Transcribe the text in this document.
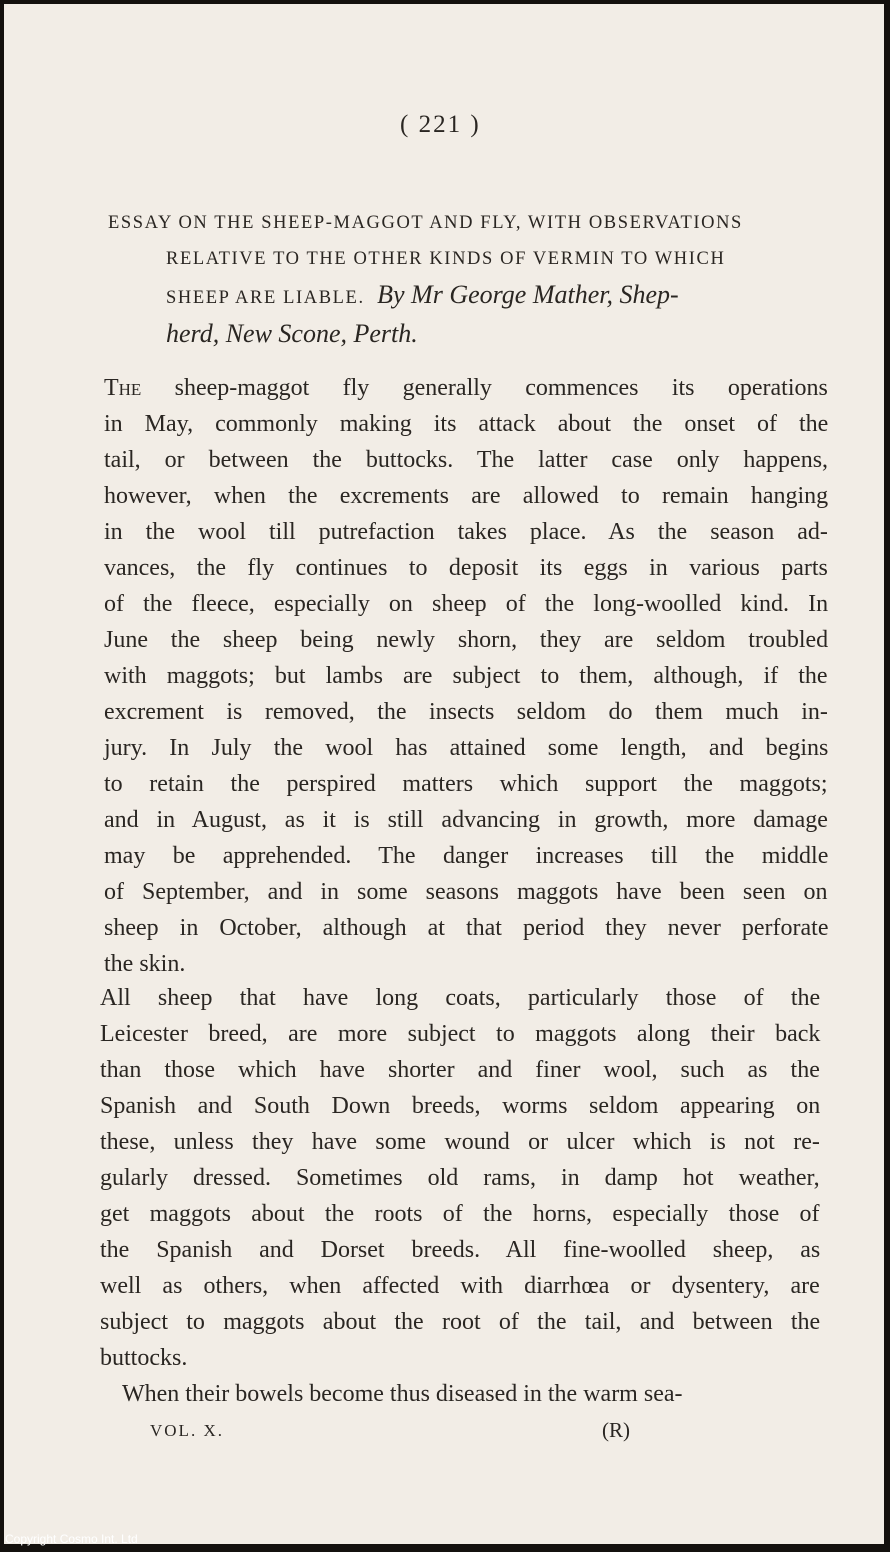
( 221 )
ESSAY ON THE SHEEP-MAGGOT AND FLY, WITH OBSERVATIONS
RELATIVE TO THE OTHER KINDS OF VERMIN TO WHICH
SHEEP ARE LIABLE. By Mr George Mather, Shep-
herd, New Scone, Perth.
The sheep-maggot fly generally commences its operations
in May, commonly making its attack about the onset of the
tail, or between the buttocks. The latter case only happens,
however, when the excrements are allowed to remain hanging
in the wool till putrefaction takes place. As the season ad-
vances, the fly continues to deposit its eggs in various parts
of the fleece, especially on sheep of the long-woolled kind. In
June the sheep being newly shorn, they are seldom troubled
with maggots; but lambs are subject to them, although, if the
excrement is removed, the insects seldom do them much in-
jury. In July the wool has attained some length, and begins
to retain the perspired matters which support the maggots;
and in August, as it is still advancing in growth, more damage
may be apprehended. The danger increases till the middle
of September, and in some seasons maggots have been seen on
sheep in October, although at that period they never perforate
the skin.
All sheep that have long coats, particularly those of the
Leicester breed, are more subject to maggots along their back
than those which have shorter and finer wool, such as the
Spanish and South Down breeds, worms seldom appearing on
these, unless they have some wound or ulcer which is not re-
gularly dressed. Sometimes old rams, in damp hot weather,
get maggots about the roots of the horns, especially those of
the Spanish and Dorset breeds. All fine-woolled sheep, as
well as others, when affected with diarrhœa or dysentery, are
subject to maggots about the root of the tail, and between the
buttocks.
When their bowels become thus diseased in the warm sea-
VOL. X.	(R)
Copyright Cosmo Int. Ltd
